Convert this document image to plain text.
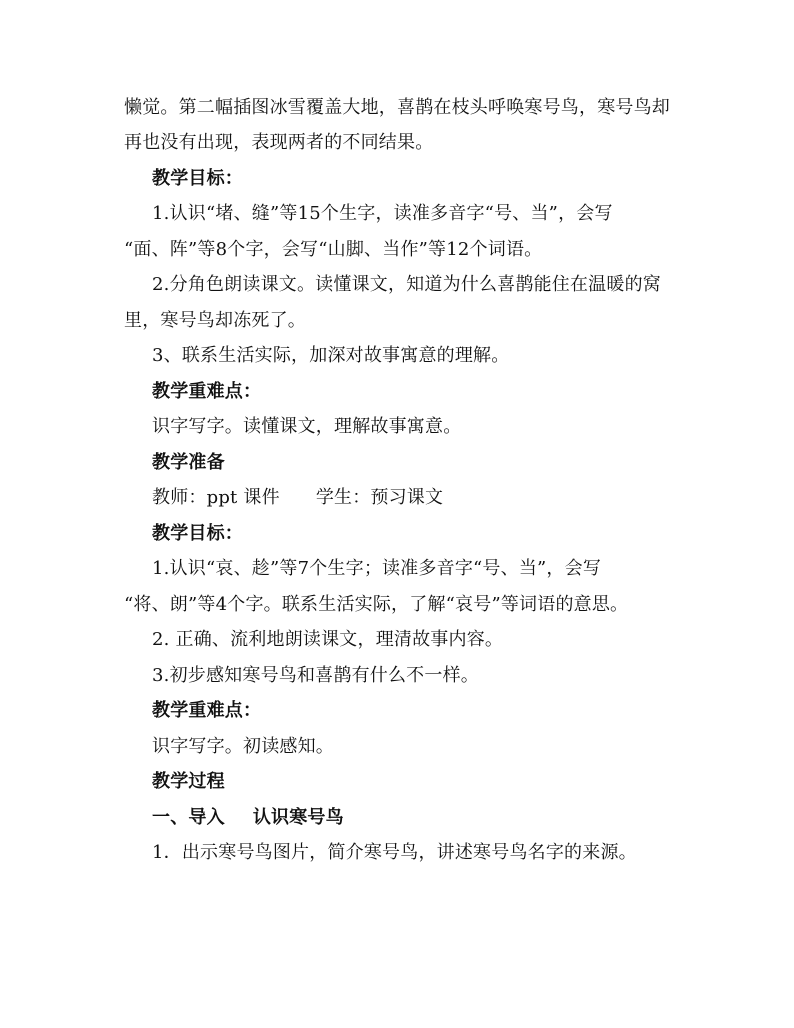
懒觉。第二幅插图冰雪覆盖大地，喜鹊在枝头呼唤寒号鸟，寒号鸟却
再也没有出现，表现两者的不同结果。
教学目标：
1.认识“堵、缝”等15个生字，读准多音字“号、当”，会写
“面、阵”等8个字，会写“山脚、当作”等12个词语。
2.分角色朗读课文。读懂课文，知道为什么喜鹊能住在温暖的窝
里，寒号鸟却冻死了。
3、联系生活实际，加深对故事寓意的理解。
教学重难点：
识字写字。读懂课文，理解故事寓意。
教学准备
教师：ppt 课件 学生：预习课文
教学目标：
1.认识“哀、趁”等7个生字；读准多音字“号、当”，会写
“将、朗”等4个字。联系生活实际，了解“哀号”等词语的意思。
2. 正确、流利地朗读课文，理清故事内容。
3.初步感知寒号鸟和喜鹊有什么不一样。
教学重难点：
识字写字。初读感知。
教学过程
一、导入 认识寒号鸟
1．出示寒号鸟图片，简介寒号鸟，讲述寒号鸟名字的来源。
